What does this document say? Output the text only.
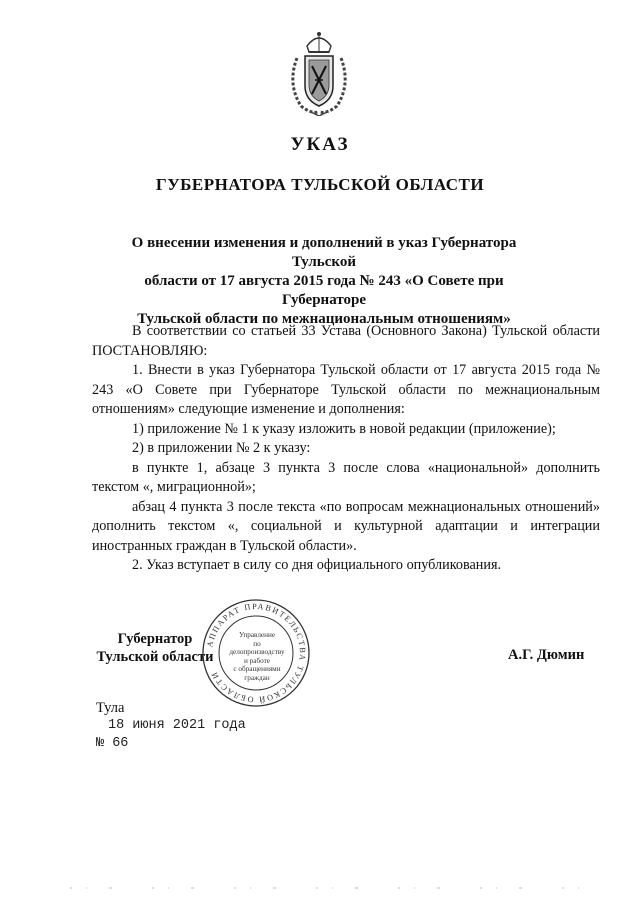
УКАЗ
ГУБЕРНАТОРА ТУЛЬСКОЙ ОБЛАСТИ
О внесении изменения и дополнений в указ Губернатора Тульской
области от 17 августа 2015 года № 243 «О Совете при Губернаторе
Тульской области по межнациональным отношениям»

В соответствии со статьей 33 Устава (Основного Закона) Тульской области ПОСТАНОВЛЯЮ:

1. Внести в указ Губернатора Тульской области от 17 августа 2015 года № 243 «О Совете при Губернаторе Тульской области по межнациональным отношениям» следующие изменение и дополнения:

1) приложение № 1 к указу изложить в новой редакции (приложение);

2) в приложении № 2 к указу:

в пункте 1, абзаце 3 пункта 3 после слова «национальной» дополнить текстом «, миграционной»;

абзац 4 пункта 3 после текста «по вопросам межнациональных отношений» дополнить текстом «, социальной и культурной адаптации и интеграции иностранных граждан в Тульской области».

2. Указ вступает в силу со дня официального опубликования.

Губернатор
Тульской области
АППАРАТ ПРАВИТЕЛЬСТВА ТУЛЬСКОЙ ОБЛАСТИ
Управление
по делопроизводству
и работе
с обращениями
граждан
А.Г. Дюмин
Тула
18 июня 2021 года
№ 66
